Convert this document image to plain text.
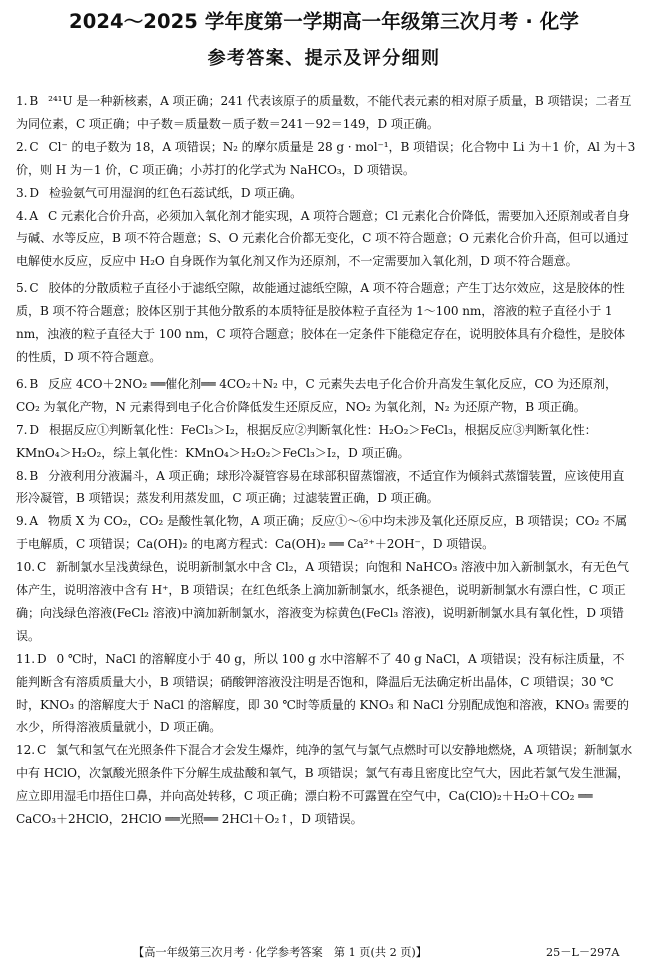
2024～2025 学年度第一学期高一年级第三次月考 · 化学
参考答案、提示及评分细则

1. B ²⁴¹U 是一种新核素，A 项正确；241 代表该原子的质量数，不能代表元素的相对原子质量，B 项错误；二者互为同位素，C 项正确；中子数＝质量数－质子数＝241－92＝149，D 项正确。

2. C Cl⁻ 的电子数为 18，A 项错误；N₂ 的摩尔质量是 28 g · mol⁻¹，B 项错误；化合物中 Li 为＋1 价，Al 为＋3 价，则 H 为－1 价，C 项正确；小苏打的化学式为 NaHCO₃，D 项错误。

3. D 检验氨气可用湿润的红色石蕊试纸，D 项正确。

4. A C 元素化合价升高，必须加入氧化剂才能实现，A 项符合题意；Cl 元素化合价降低，需要加入还原剂或者自身与碱、水等反应，B 项不符合题意；S、O 元素化合价都无变化，C 项不符合题意；O 元素化合价升高，但可以通过电解使水反应，反应中 H₂O 自身既作为氧化剂又作为还原剂，不一定需要加入氧化剂，D 项不符合题意。

5. C 胶体的分散质粒子直径小于滤纸空隙，故能通过滤纸空隙，A 项不符合题意；产生丁达尔效应，这是胶体的性质，B 项不符合题意；胶体区别于其他分散系的本质特征是胶体粒子直径为 1～100 nm，溶液的粒子直径小于 1 nm，浊液的粒子直径大于 100 nm，C 项符合题意；胶体在一定条件下能稳定存在，说明胶体具有介稳性，是胶体的性质，D 项不符合题意。

6. B 反应 4CO＋2NO₂ ══催化剂══ 4CO₂＋N₂ 中，C 元素失去电子化合价升高发生氧化反应，CO 为还原剂，CO₂ 为氧化产物，N 元素得到电子化合价降低发生还原反应，NO₂ 为氧化剂，N₂ 为还原产物，B 项正确。

7. D 根据反应①判断氧化性：FeCl₃＞I₂，根据反应②判断氧化性：H₂O₂＞FeCl₃，根据反应③判断氧化性：KMnO₄＞H₂O₂，综上氧化性：KMnO₄＞H₂O₂＞FeCl₃＞I₂，D 项正确。

8. B 分液利用分液漏斗，A 项正确；球形冷凝管容易在球部积留蒸馏液，不适宜作为倾斜式蒸馏装置，应该使用直形冷凝管，B 项错误；蒸发利用蒸发皿，C 项正确；过滤装置正确，D 项正确。

9. A 物质 X 为 CO₂，CO₂ 是酸性氧化物，A 项正确；反应①～⑥中均未涉及氧化还原反应，B 项错误；CO₂ 不属于电解质，C 项错误；Ca(OH)₂ 的电离方程式：Ca(OH)₂ ══ Ca²⁺＋2OH⁻，D 项错误。

10. C 新制氯水呈浅黄绿色，说明新制氯水中含 Cl₂，A 项错误；向饱和 NaHCO₃ 溶液中加入新制氯水，有无色气体产生，说明溶液中含有 H⁺，B 项错误；在红色纸条上滴加新制氯水，纸条褪色，说明新制氯水有漂白性，C 项正确；向浅绿色溶液(FeCl₂ 溶液)中滴加新制氯水，溶液变为棕黄色(FeCl₃ 溶液)，说明新制氯水具有氧化性，D 项错误。

11. D 0 ℃时，NaCl 的溶解度小于 40 g，所以 100 g 水中溶解不了 40 g NaCl，A 项错误；没有标注质量，不能判断含有溶质质量大小，B 项错误；硝酸钾溶液没注明是否饱和，降温后无法确定析出晶体，C 项错误；30 ℃时，KNO₃ 的溶解度大于 NaCl 的溶解度，即 30 ℃时等质量的 KNO₃ 和 NaCl 分别配成饱和溶液，KNO₃ 需要的水少，所得溶液质量就小，D 项正确。

12. C 氯气和氢气在光照条件下混合才会发生爆炸，纯净的氢气与氯气点燃时可以安静地燃烧，A 项错误；新制氯水中有 HClO，次氯酸光照条件下分解生成盐酸和氧气，B 项错误；氯气有毒且密度比空气大，因此若氯气发生泄漏，应立即用湿毛巾捂住口鼻，并向高处转移，C 项正确；漂白粉不可露置在空气中，Ca(ClO)₂＋H₂O＋CO₂ ══ CaCO₃＋2HClO，2HClO ══光照══ 2HCl＋O₂↑，D 项错误。

【高一年级第三次月考 · 化学参考答案　第 1 页(共 2 页)】	25－L－297A
